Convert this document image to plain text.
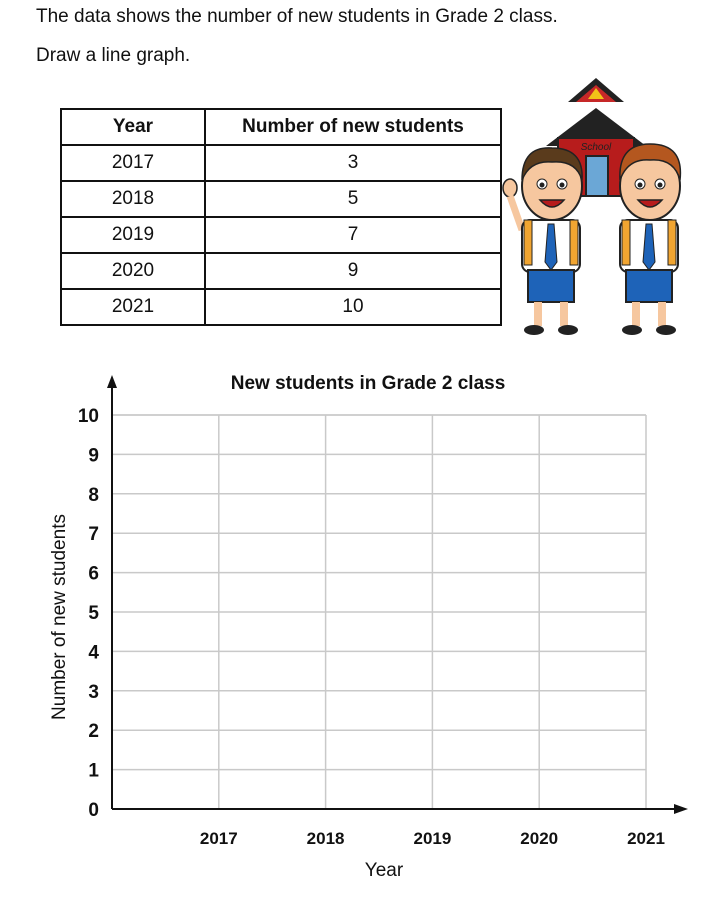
The data shows the number of new students in Grade 2 class.
Draw a line graph.
Year	Number of new students
2017	3
2018	5
2019	7
2020	9
2021	10
School
New students in Grade 2 class
0
1
2
3
4
5
6
7
8
9
10
2017	2018	2019	2020	2021
Year
Number of new students
